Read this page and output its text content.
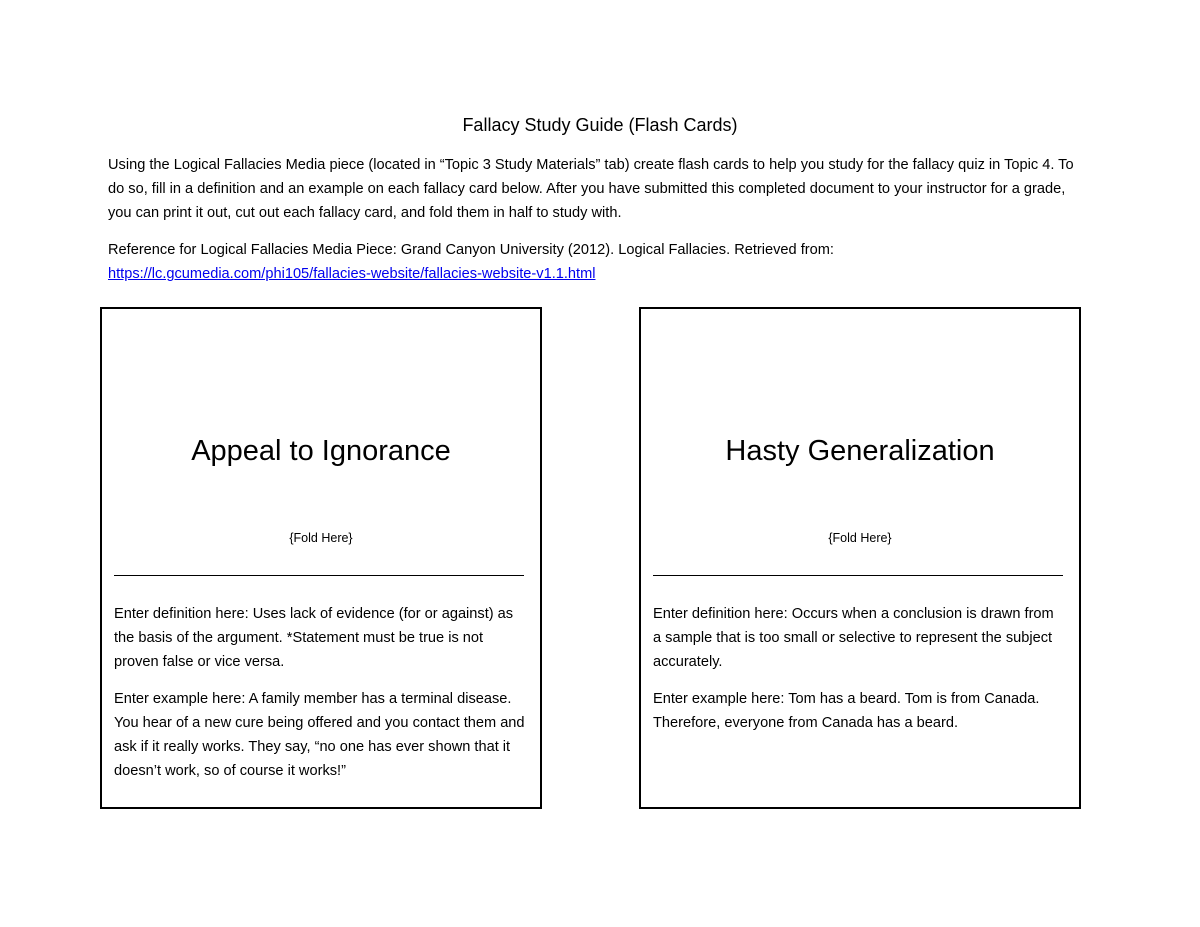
Fallacy Study Guide (Flash Cards)

Using the Logical Fallacies Media piece (located in “Topic 3 Study Materials” tab) create flash cards to help you study for the fallacy quiz in Topic 4. To do so, fill in a definition and an example on each fallacy card below. After you have submitted this completed document to your instructor for a grade, you can print it out, cut out each fallacy card, and fold them in half to study with.

Reference for Logical Fallacies Media Piece: Grand Canyon University (2012). Logical Fallacies. Retrieved from:
https://lc.gcumedia.com/phi105/fallacies-website/fallacies-website-v1.1.html

Appeal to Ignorance
{Fold Here}

Enter definition here: Uses lack of evidence (for or against) as the basis of the argument. *Statement must be true is not proven false or vice versa.

Enter example here: A family member has a terminal disease. You hear of a new cure being offered and you contact them and ask if it really works. They say, “no one has ever shown that it doesn’t work, so of course it works!”

Hasty Generalization
{Fold Here}

Enter definition here: Occurs when a conclusion is drawn from a sample that is too small or selective to represent the subject accurately.

Enter example here: Tom has a beard. Tom is from Canada. Therefore, everyone from Canada has a beard.
